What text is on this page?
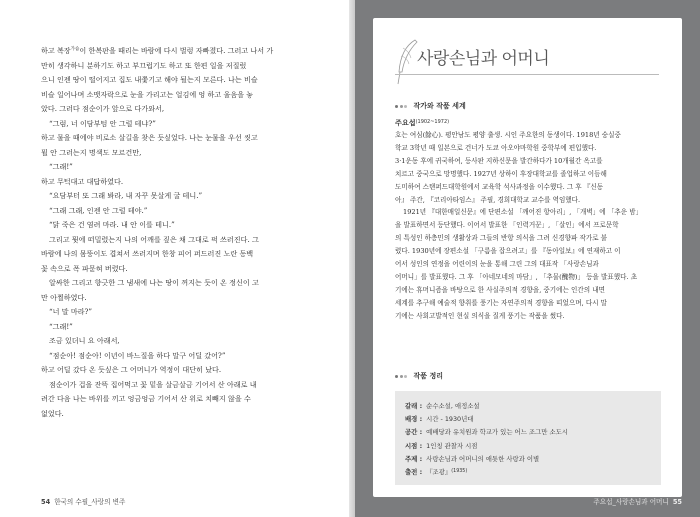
하고 복장$^{가슴}$이 한복판을 때리는 바람에 다시 벌렁 자빠졌다. 그러고 나서 가

만히 생각하니 분하기도 하고 부끄럽기도 하고 또 한편 일을 저질렀

으니 인젠 땅이 떨어지고 집도 내쫓기고 해야 될는지 모른다. 나는 비슬

비슬 일어나며 소맷자락으로 눈을 가리고는 얼김에 엉 하고 울음을 놓

았다. 그러다 점순이가 앞으로 다가와서,

“그럼, 너 이담부텀 안 그럴 테냐?”

하고 물을 때에야 비로소 살길을 찾은 듯싶었다. 나는 눈물을 우선 씻고

뭘 안 그러는지 명색도 모르건만,

“그래!”

하고 무턱대고 대답하였다.

“요담부터 또 그래 봐라, 내 자꾸 못살게 굴 테니.”

“그래 그래, 인젠 안 그럴 테야.”

“닭 죽은 건 염려 마라. 내 안 이를 테니.”

그리고 뭣에 떠밀렸는지 나의 어깨를 짚은 채 그대로 퍽 쓰러진다. 그

바람에 나의 몸뚱이도 겹쳐서 쓰러지며 한창 피어 퍼드러진 노란 동백

꽃 속으로 폭 파묻혀 버렸다.

알싸한 그리고 향긋한 그 냄새에 나는 땅이 꺼지는 듯이 온 정신이 고

만 아찔하였다.

“너 말 마라?”

“그래!”

조금 있더니 요 아래서,

“점순아! 점순아! 이년이 바느질을 하다 말구 어딜 갔어?”

하고 어딜 갔다 온 듯싶은 그 어머니가 역정이 대단히 났다.

점순이가 겁을 잔뜩 집어먹고 꽃 밑을 살금살금 기어서 산 아래로 내

려간 다음 나는 바위를 끼고 엉금엉금 기어서 산 위로 치빼지 않을 수

없었다.

54 한국의 수필_사랑의 변주
사랑손님과 어머니
작가와 작품 세계
주요섭$^{(1902\sim 1972)}$

호는 여심(餘心). 평안남도 평양 출생. 시인 주요한의 동생이다. 1918년 숭실중

학교 3학년 때 일본으로 건너가 도쿄 아오야마학원 중학부에 편입했다.

3·1운동 후에 귀국하여, 등사판 지하신문을 발간하다가 10개월간 옥고를

치르고 중국으로 망명했다. 1927년 상하이 후장대학교를 졸업하고 이듬해

도미하여 스탠퍼드대학원에서 교육학 석사과정을 이수했다. 그 후 『신동

아』 주간, 『코리아타임스』 주필, 경희대학교 교수를 역임했다.

1921년 『대한매일신문』에 단편소설 「깨어진 항아리」, 「개벽」에 「추운 밤」

을 발표하면서 등단했다. 이어서 발표한 「인력거꾼」, 「살인」에서 프로문학

의 특성인 하층민의 생활상과 그들의 반항 의식을 그려 신경향파 작가로 불

렸다. 1930년에 장편소설 「구름을 잡으려고」를 『동아일보』에 연재하고 이

어서 성인의 연정을 어린이의 눈을 통해 그린 그의 대표작 「사랑손님과

어머니」를 발표했다. 그 후 「아네모네의 마담」, 「추물(醜物)」 등을 발표했다. 초

기에는 휴머니즘을 바탕으로 한 사실주의적 경향을, 중기에는 인간의 내면

세계를 추구해 예술적 향취를 풍기는 자연주의적 경향을 띠었으며, 다시 말

기에는 사회고발적인 현실 의식을 질게 풍기는 작품을 썼다.

작품 정리
갈래 : 순수소설, 애정소설
배경 : 시간 - 1930년대
공간 : 예배당과 유치원과 학교가 있는 어느 조그만 소도시
시점 : 1인칭 관찰자 시점
주제 : 사랑손님과 어머니의 애틋한 사랑과 이별
출전 : 『조광』$^{(1935)}$
주요섭_사랑손님과 어머니 55
